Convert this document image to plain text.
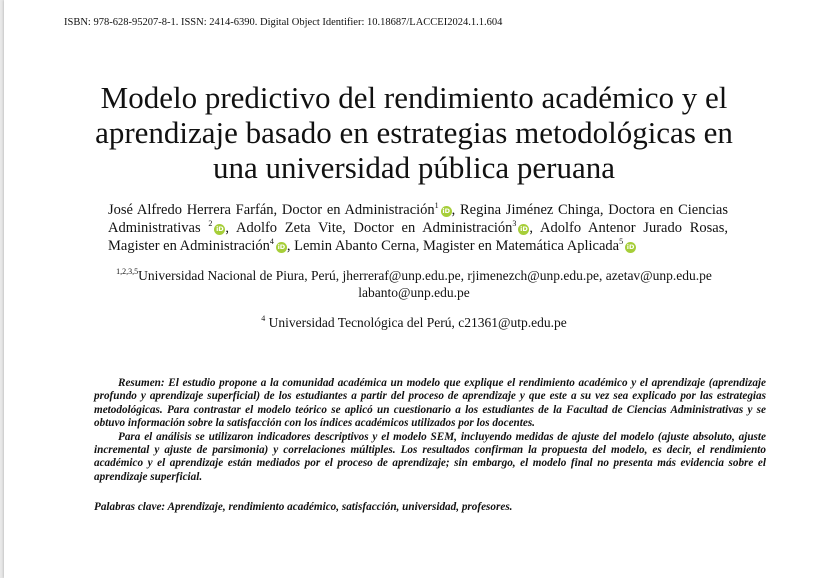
ISBN: 978-628-95207-8-1. ISSN: 2414-6390. Digital Object Identifier: 10.18687/LACCEI2024.1.1.604
Modelo predictivo del rendimiento académico y el
aprendizaje basado en estrategias metodológicas en
una universidad pública peruana
José Alfredo Herrera Farfán, Doctor en Administración$^1$iD , Regina Jiménez Chinga, Doctora en Ciencias Administrativas $^2$iD , Adolfo Zeta Vite, Doctor en Administración$^3$iD , Adolfo Antenor Jurado Rosas, Magister en Administración$^4$iD , Lemin Abanto Cerna, Magister en Matemática Aplicada$^5$iD
$^{1,2,3,5}$Universidad Nacional de Piura, Perú, jherreraf@unp.edu.pe, rjimenezch@unp.edu.pe, azetav@unp.edu.pe
labanto@unp.edu.pe
$^4$ Universidad Tecnológica del Perú, c21361@utp.edu.pe

Resumen: El estudio propone a la comunidad académica un modelo que explique el rendimiento académico y el aprendizaje (aprendizaje profundo y aprendizaje superficial) de los estudiantes a partir del proceso de aprendizaje y que este a su vez sea explicado por las estrategias metodológicas. Para contrastar el modelo teórico se aplicó un cuestionario a los estudiantes de la Facultad de Ciencias Administrativas y se obtuvo información sobre la satisfacción con los índices académicos utilizados por los docentes.

Para el análisis se utilizaron indicadores descriptivos y el modelo SEM, incluyendo medidas de ajuste del modelo (ajuste absoluto, ajuste incremental y ajuste de parsimonia) y correlaciones múltiples. Los resultados confirman la propuesta del modelo, es decir, el rendimiento académico y el aprendizaje están mediados por el proceso de aprendizaje; sin embargo, el modelo final no presenta más evidencia sobre el aprendizaje superficial.

Palabras clave: Aprendizaje, rendimiento académico, satisfacción, universidad, profesores.
